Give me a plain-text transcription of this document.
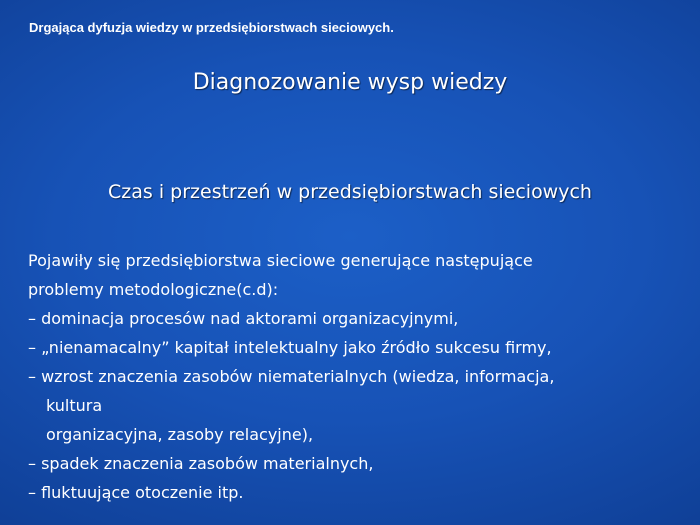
Drgająca dyfuzja wiedzy w przedsiębiorstwach sieciowych.
Diagnozowanie wysp wiedzy
Czas i przestrzeń w przedsiębiorstwach sieciowych
Pojawiły się przedsiębiorstwa sieciowe generujące następujące
problemy metodologiczne(c.d):
– dominacja procesów nad aktorami organizacyjnymi,
– „nienamacalny” kapitał intelektualny jako źródło sukcesu firmy,
– wzrost znaczenia zasobów niematerialnych (wiedza, informacja,
kultura
organizacyjna, zasoby relacyjne),
– spadek znaczenia zasobów materialnych,
– fluktuujące otoczenie itp.
